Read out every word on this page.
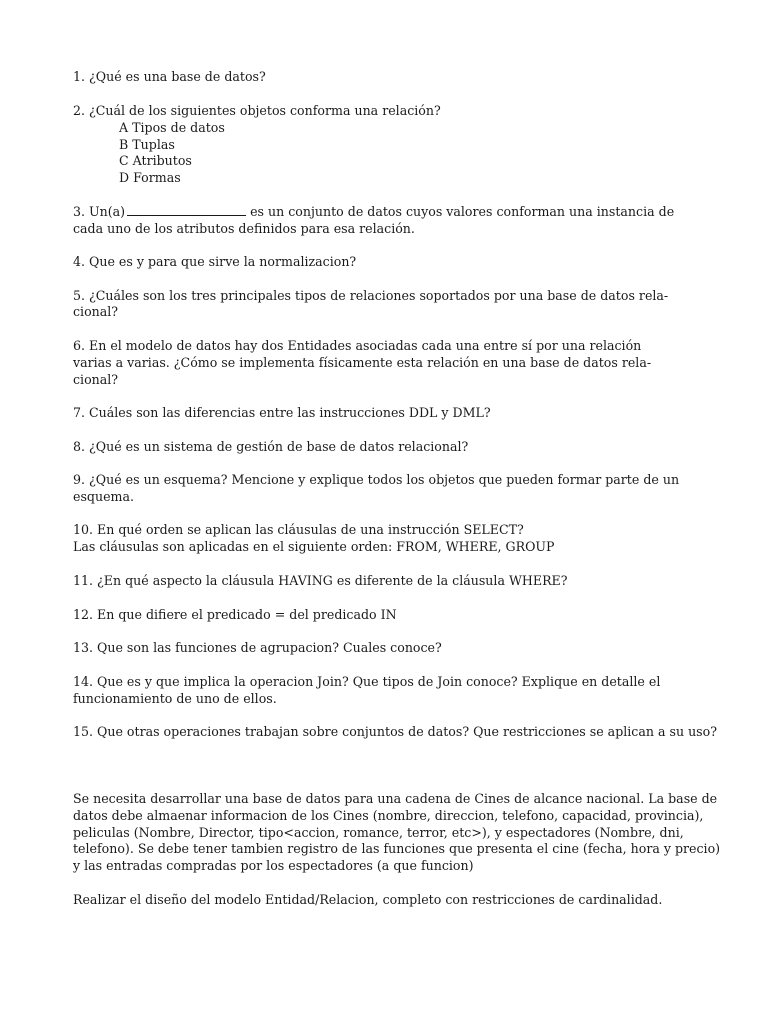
1. ¿Qué es una base de datos?
2. ¿Cuál de los siguientes objetos conforma una relación?
A Tipos de datos
B Tuplas
C Atributos
D Formas
3. Un(a)	es un conjunto de datos cuyos valores conforman una instancia de
cada uno de los atributos definidos para esa relación.
4. Que es y para que sirve la normalizacion?
5. ¿Cuáles son los tres principales tipos de relaciones soportados por una base de datos rela-
cional?
6. En el modelo de datos hay dos Entidades asociadas cada una entre sí por una relación
varias a varias. ¿Cómo se implementa físicamente esta relación en una base de datos rela-
cional?
7. Cuáles son las diferencias entre las instrucciones DDL y DML?
8. ¿Qué es un sistema de gestión de base de datos relacional?
9. ¿Qué es un esquema? Mencione y explique todos los objetos que pueden formar parte de un
esquema.
10. En qué orden se aplican las cláusulas de una instrucción SELECT?
Las cláusulas son aplicadas en el siguiente orden: FROM, WHERE, GROUP
11. ¿En qué aspecto la cláusula HAVING es diferente de la cláusula WHERE?
12. En que difiere el predicado = del predicado IN
13. Que son las funciones de agrupacion? Cuales conoce?
14. Que es y que implica la operacion Join? Que tipos de Join conoce? Explique en detalle el
funcionamiento de uno de ellos.
15. Que otras operaciones trabajan sobre conjuntos de datos? Que restricciones se aplican a su uso?
Se necesita desarrollar una base de datos para una cadena de Cines de alcance nacional. La base de
datos debe almaenar informacion de los Cines (nombre, direccion, telefono, capacidad, provincia),
peliculas (Nombre, Director, tipo<accion, romance, terror, etc>), y espectadores (Nombre, dni,
telefono). Se debe tener tambien registro de las funciones que presenta el cine (fecha, hora y precio)
y las entradas compradas por los espectadores (a que funcion)
Realizar el diseño del modelo Entidad/Relacion, completo con restricciones de cardinalidad.
